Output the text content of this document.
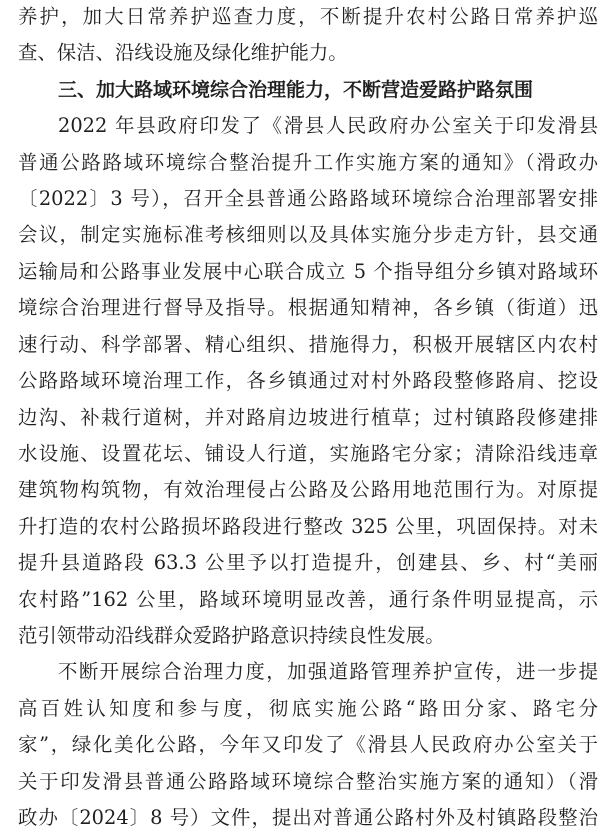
养护，加大日常养护巡查力度，不断提升农村公路日常养护巡
查、保洁、沿线设施及绿化维护能力。
三、加大路域环境综合治理能力，不断营造爱路护路氛围
2022 年县政府印发了《滑县人民政府办公室关于印发滑县
普通公路路域环境综合整治提升工作实施方案的通知》（滑政办
〔2022〕3 号），召开全县普通公路路域环境综合治理部署安排
会议，制定实施标准考核细则以及具体实施分步走方针，县交通
运输局和公路事业发展中心联合成立 5 个指导组分乡镇对路域环
境综合治理进行督导及指导。根据通知精神，各乡镇（街道）迅
速行动、科学部署、精心组织、措施得力，积极开展辖区内农村
公路路域环境治理工作，各乡镇通过对村外路段整修路肩、挖设
边沟、补栽行道树，并对路肩边坡进行植草；过村镇路段修建排
水设施、设置花坛、铺设人行道，实施路宅分家；清除沿线违章
建筑物构筑物，有效治理侵占公路及公路用地范围行为。对原提
升打造的农村公路损坏路段进行整改 325 公里，巩固保持。对未
提升县道路段 63.3 公里予以打造提升，创建县、乡、村“美丽
农村路”162 公里，路域环境明显改善，通行条件明显提高，示
范引领带动沿线群众爱路护路意识持续良性发展。
不断开展综合治理力度，加强道路管理养护宣传，进一步提
高百姓认知度和参与度，彻底实施公路“路田分家、路宅分
家”，绿化美化公路，今年又印发了《滑县人民政府办公室关于
关于印发滑县普通公路路域环境综合整治实施方案的通知）（滑
政办〔2024〕8 号）文件，提出对普通公路村外及村镇路段整治
